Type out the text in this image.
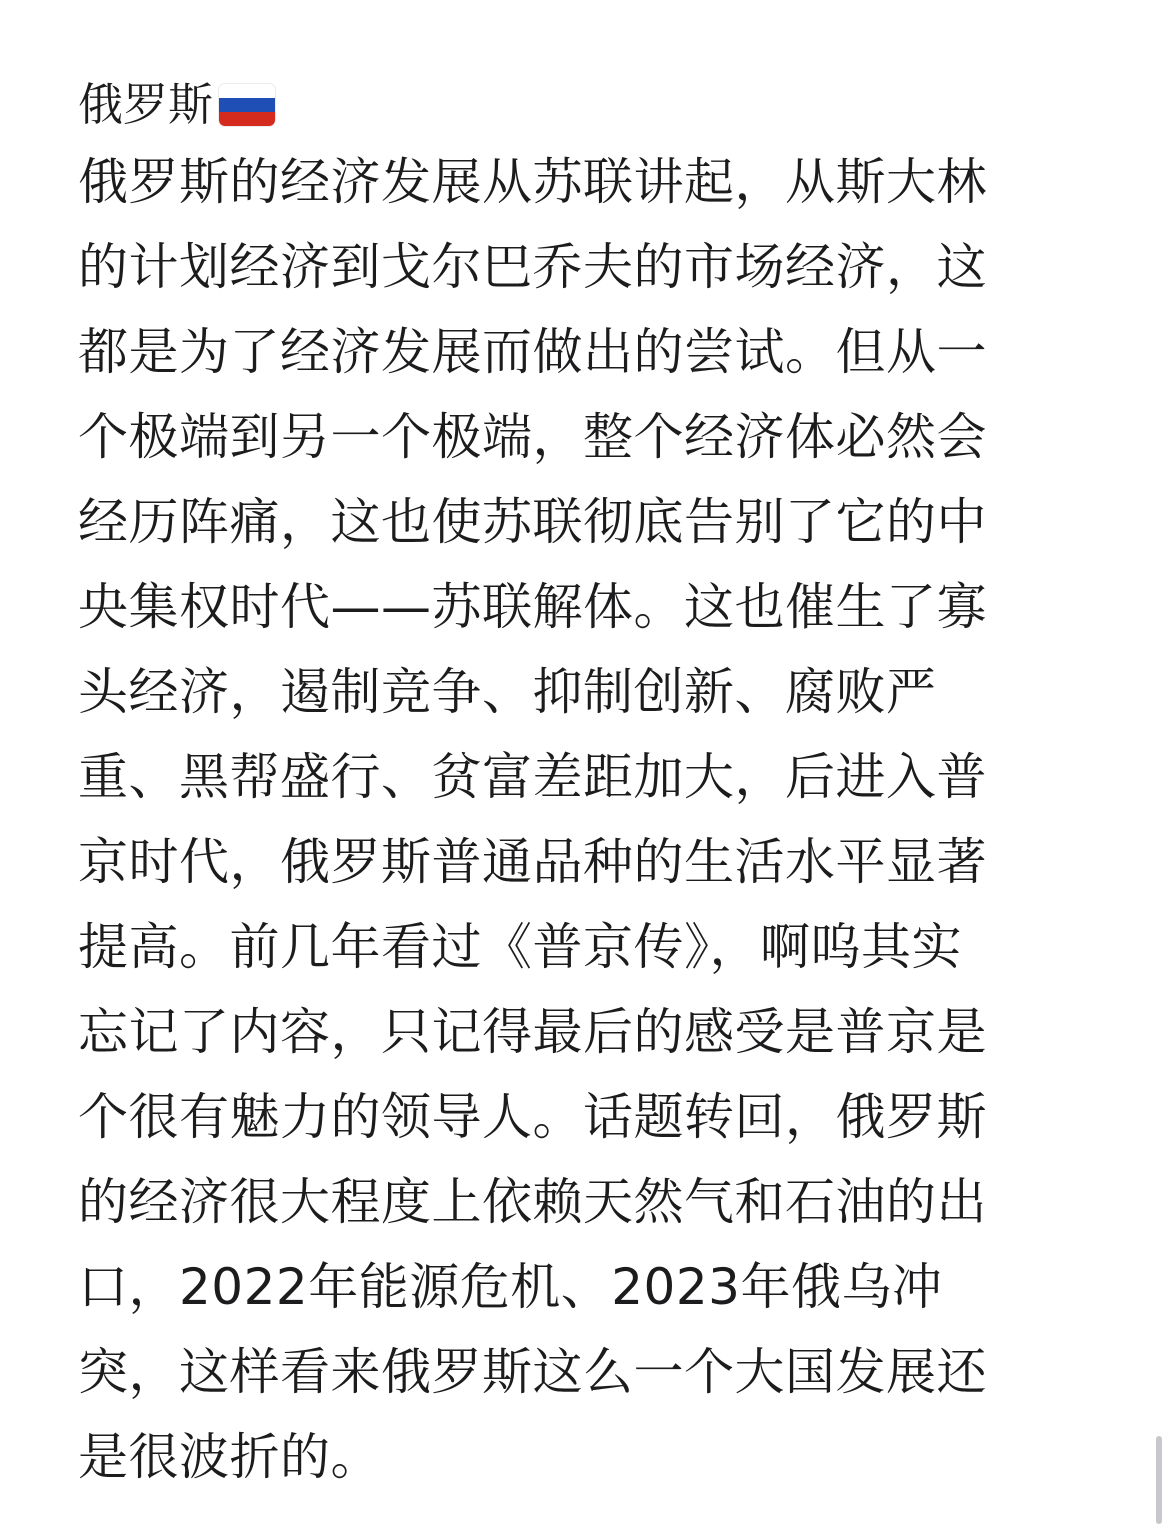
俄罗斯
俄罗斯的经济发展从苏联讲起，从斯大林
的计划经济到戈尔巴乔夫的市场经济，这
都是为了经济发展而做出的尝试。但从一
个极端到另一个极端，整个经济体必然会
经历阵痛，这也使苏联彻底告别了它的中
央集权时代——苏联解体。这也催生了寡
头经济，遏制竞争、抑制创新、腐败严
重、黑帮盛行、贫富差距加大，后进入普
京时代，俄罗斯普通品种的生活水平显著
提高。前几年看过《普京传》，啊呜其实
忘记了内容，只记得最后的感受是普京是
个很有魅力的领导人。话题转回，俄罗斯
的经济很大程度上依赖天然气和石油的出
口，2022年能源危机、2023年俄乌冲
突，这样看来俄罗斯这么一个大国发展还
是很波折的。
